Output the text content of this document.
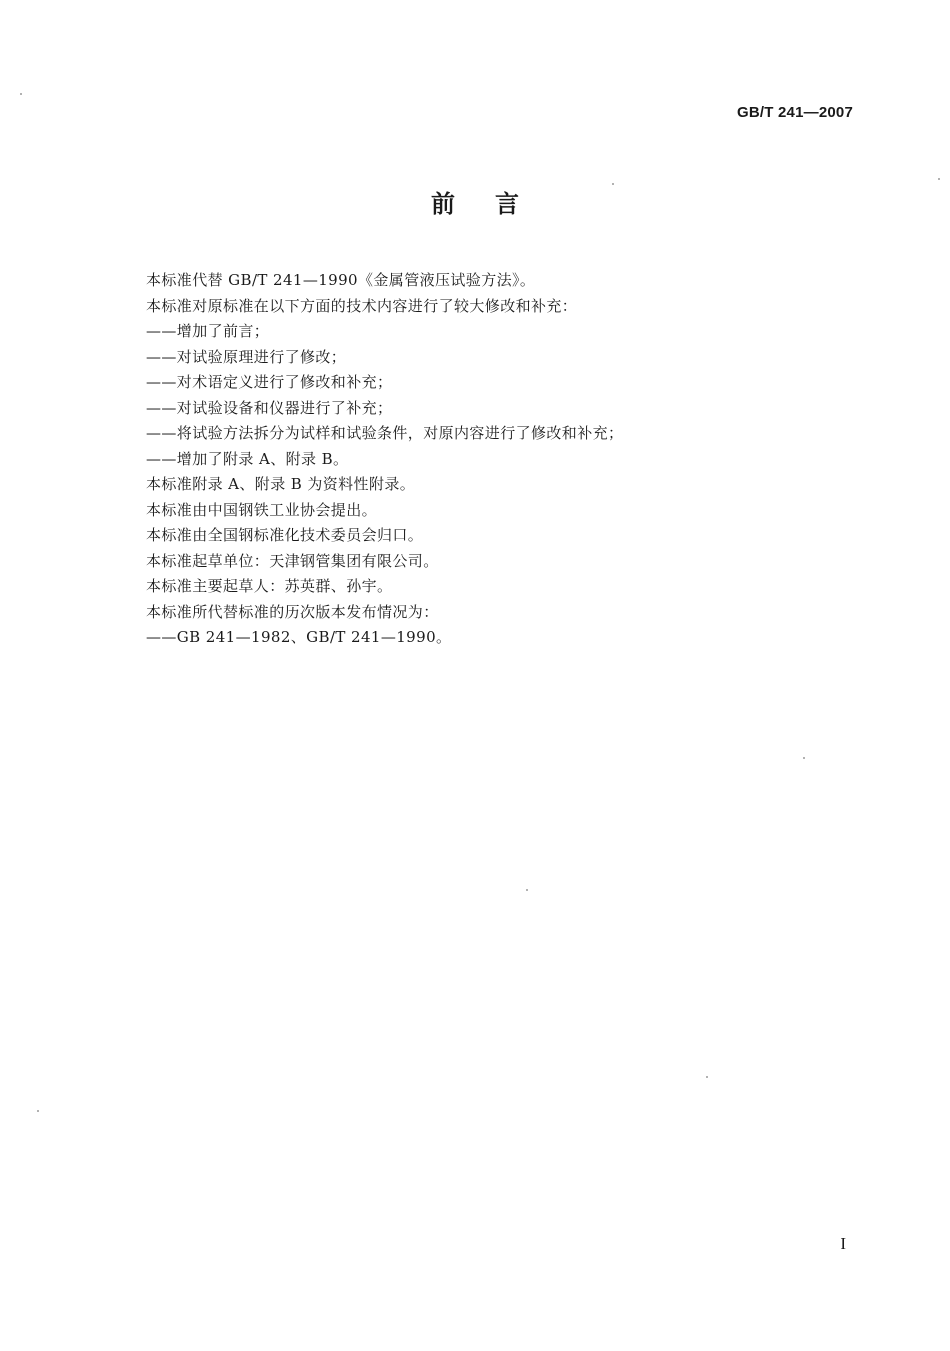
GB/T 241—2007
前言
本标准代替 GB/T 241—1990《金属管液压试验方法》。
本标准对原标准在以下方面的技术内容进行了较大修改和补充：
——增加了前言；
——对试验原理进行了修改；
——对术语定义进行了修改和补充；
——对试验设备和仪器进行了补充；
——将试验方法拆分为试样和试验条件，对原内容进行了修改和补充；
——增加了附录 A、附录 B。
本标准附录 A、附录 B 为资料性附录。
本标准由中国钢铁工业协会提出。
本标准由全国钢标准化技术委员会归口。
本标准起草单位：天津钢管集团有限公司。
本标准主要起草人：苏英群、孙宇。
本标准所代替标准的历次版本发布情况为：
——GB 241—1982、GB/T 241—1990。
I
